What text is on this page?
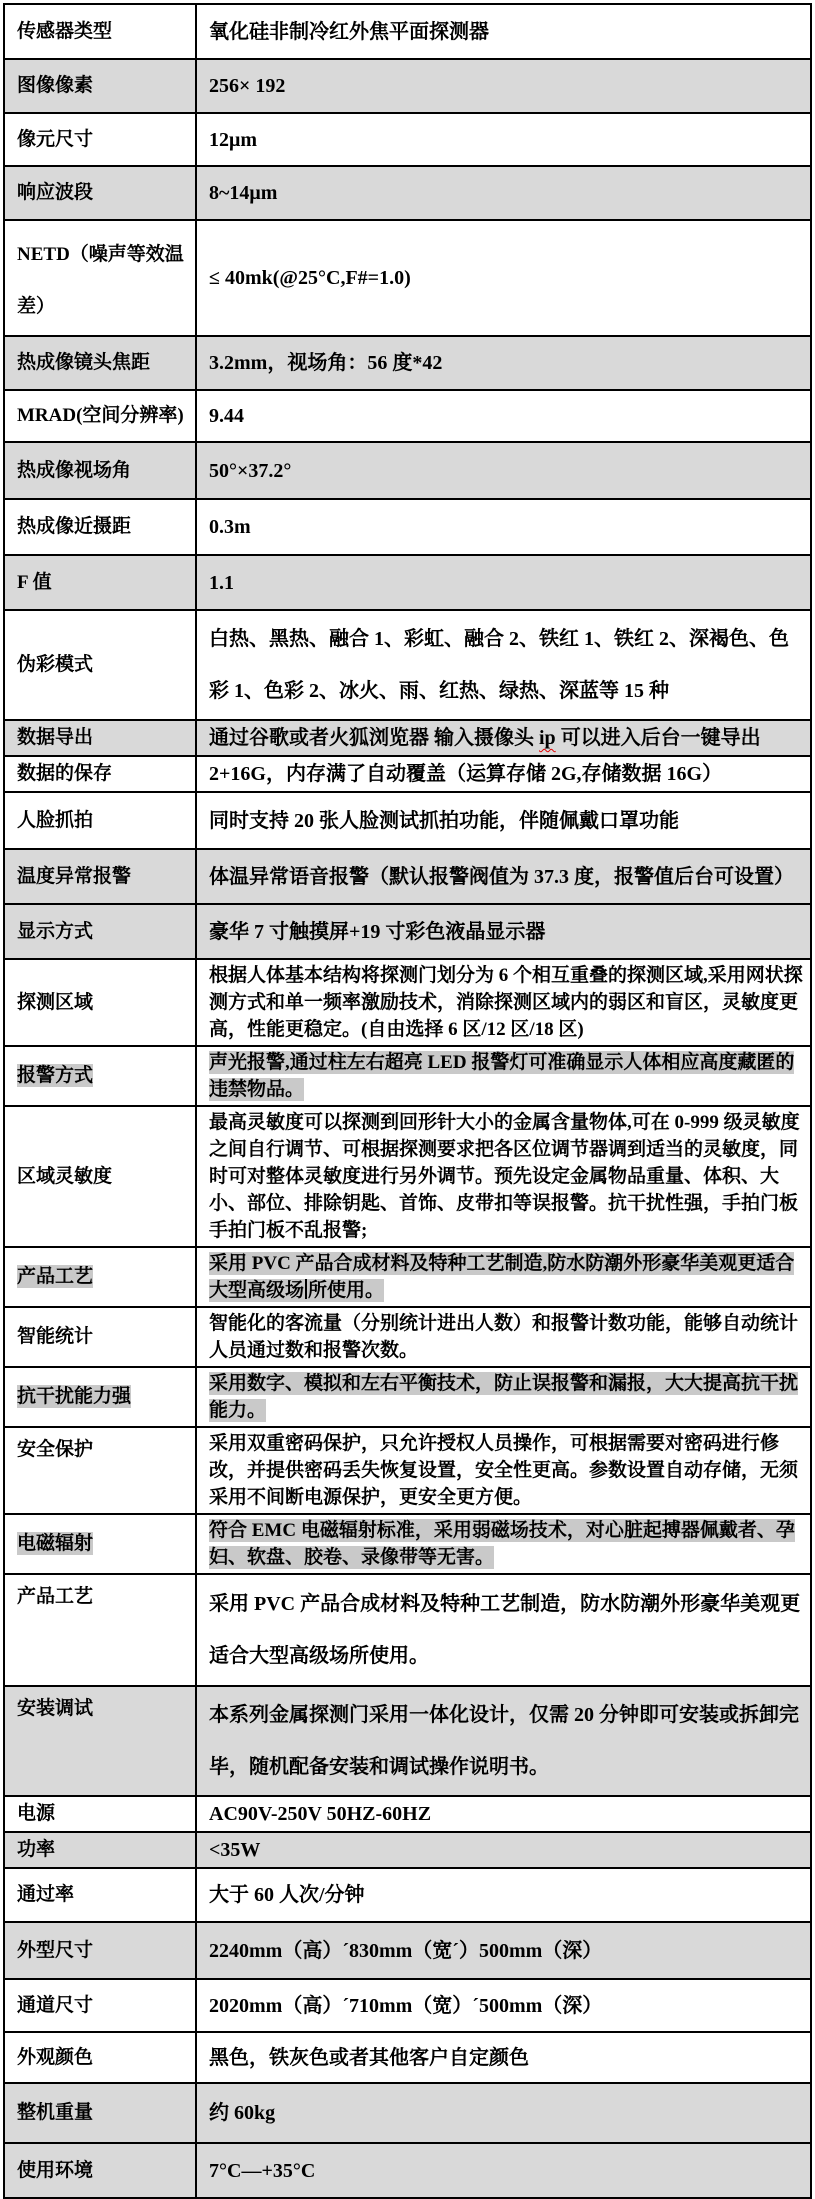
传感器类型	氧化硅非制冷红外焦平面探测器
图像像素	256× 192
像元尺寸	12μm
响应波段	8~14μm
NETD（噪声等效温差）	≤ 40mk(@25°C,F#=1.0)
热成像镜头焦距	3.2mm，视场角：56 度*42
MRAD(空间分辨率)	9.44
热成像视场角	50°×37.2°
热成像近摄距	0.3m
F 值	1.1
伪彩模式	白热、黑热、融合 1、彩虹、融合 2、铁红 1、铁红 2、深褐色、色彩 1、色彩 2、冰火、雨、红热、绿热、深蓝等 15 种
数据导出	通过谷歌或者火狐浏览器 输入摄像头 ip 可以进入后台一键导出
数据的保存	2+16G，内存满了自动覆盖（运算存储 2G,存储数据 16G）
人脸抓拍	同时支持 20 张人脸测试抓拍功能，伴随佩戴口罩功能
温度异常报警	体温异常语音报警（默认报警阀值为 37.3 度，报警值后台可设置）
显示方式	豪华 7 寸触摸屏+19 寸彩色液晶显示器
探测区域	根据人体基本结构将探测门划分为 6 个相互重叠的探测区域,采用网状探测方式和单一频率激励技术，消除探测区域内的弱区和盲区，灵敏度更高，性能更稳定。(自由选择 6 区/12 区/18 区)
报警方式	声光报警,通过柱左右超亮 LED 报警灯可准确显示人体相应高度藏匿的违禁物品。
区域灵敏度	最高灵敏度可以探测到回形针大小的金属含量物体,可在 0-999 级灵敏度之间自行调节、可根据探测要求把各区位调节器调到适当的灵敏度，同时可对整体灵敏度进行另外调节。预先设定金属物品重量、体积、大小、部位、排除钥匙、首饰、皮带扣等误报警。抗干扰性强，手拍门板手拍门板不乱报警;
产品工艺	采用 PVC 产品合成材料及特种工艺制造,防水防潮外形豪华美观更适合大型高级场 所使用。
智能统计	智能化的客流量（分别统计进出人数）和报警计数功能，能够自动统计人员通过数和报警次数。
抗干扰能力强	采用数字、模拟和左右平衡技术，防止误报警和漏报，大大提高抗干扰能力。
安全保护	采用双重密码保护，只允许授权人员操作，可根据需要对密码进行修改，并提供密码丢失恢复设置，安全性更高。参数设置自动存储，无须采用不间断电源保护，更安全更方便。
电磁辐射	符合 EMC 电磁辐射标准，采用弱磁场技术，对心脏起搏器佩戴者、孕妇、软盘、胶卷、录像带等无害。
产品工艺	采用 PVC 产品合成材料及特种工艺制造，防水防潮外形豪华美观更适合大型高级场所使用。
安装调试	本系列金属探测门采用一体化设计，仅需 20 分钟即可安装或拆卸完毕，随机配备安装和调试操作说明书。
电源	AC90V-250V 50HZ-60HZ
功率	<35W
通过率	大于 60 人次/分钟
外型尺寸	2240mm（高）´830mm（宽´）500mm（深）
通道尺寸	2020mm（高）´710mm（宽）´500mm（深）
外观颜色	黑色，铁灰色或者其他客户自定颜色
整机重量	约 60kg
使用环境	7°C—+35°C
